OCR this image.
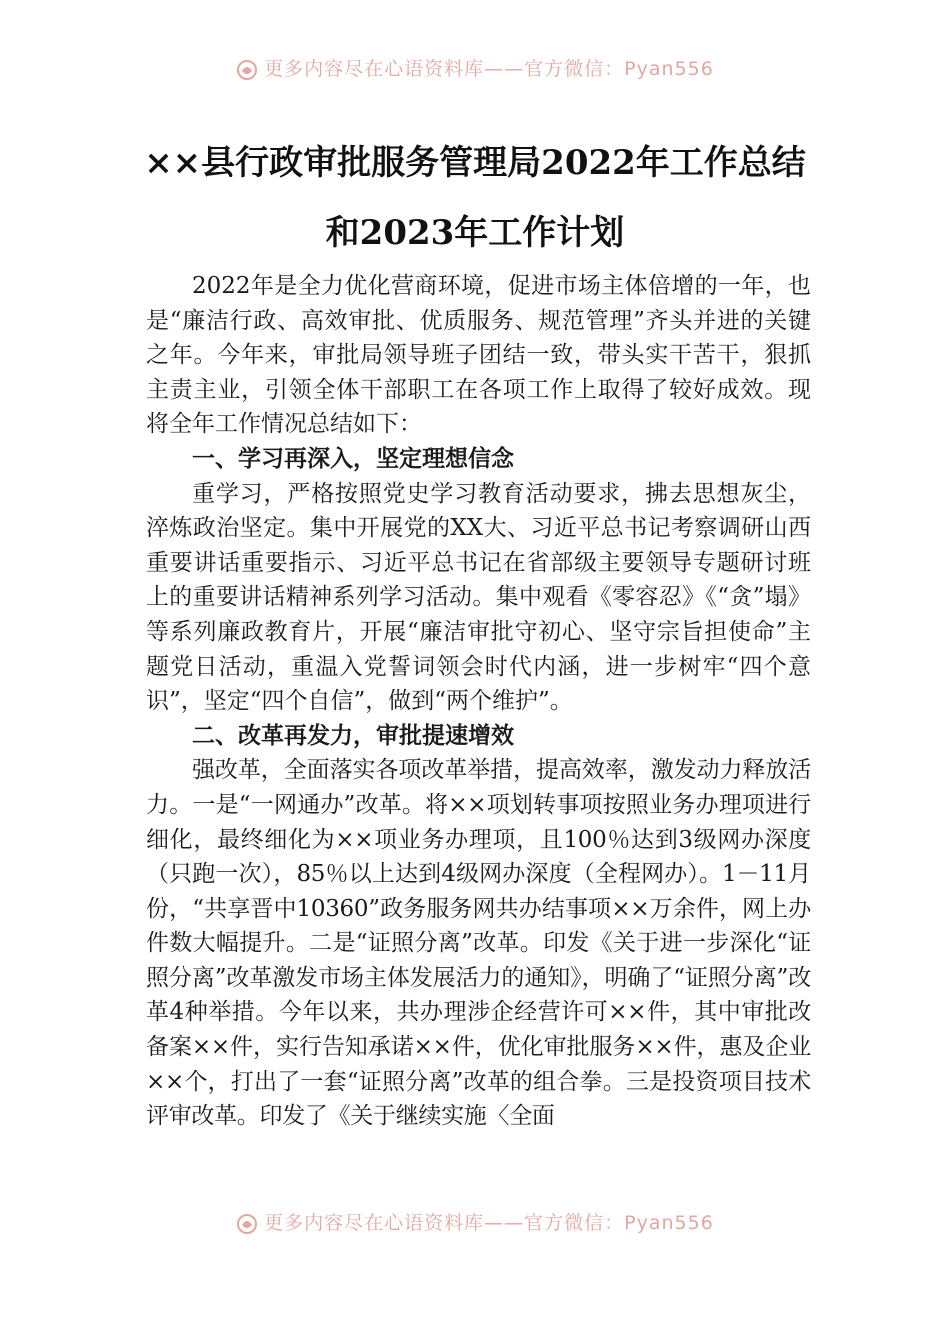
更多内容尽在心语资料库——官方微信：Pyan556
××县行政审批服务管理局2022年工作总结
和2023年工作计划

2022年是全力优化营商环境，促进市场主体倍增的一年，也是“廉洁行政、高效审批、优质服务、规范管理”齐头并进的关键之年。今年来，审批局领导班子团结一致，带头实干苦干，狠抓主责主业，引领全体干部职工在各项工作上取得了较好成效。现将全年工作情况总结如下：

一、学习再深入，坚定理想信念

重学习，严格按照党史学习教育活动要求，拂去思想灰尘，淬炼政治坚定。集中开展党的XX大、习近平总书记考察调研山西重要讲话重要指示、习近平总书记在省部级主要领导专题研讨班上的重要讲话精神系列学习活动。集中观看《零容忍》《“贪”塌》等系列廉政教育片，开展“廉洁审批守初心、坚守宗旨担使命”主题党日活动，重温入党誓词领会时代内涵，进一步树牢“四个意识”，坚定“四个自信”，做到“两个维护”。

二、改革再发力，审批提速增效

强改革，全面落实各项改革举措，提高效率，激发动力释放活力。一是“一网通办”改革。将××项划转事项按照业务办理项进行细化，最终细化为××项业务办理项，且100％达到3级网办深度（只跑一次），85％以上达到4级网办深度（全程网办）。1－11月份，“共享晋中10360”政务服务网共办结事项××万余件，网上办件数大幅提升。二是“证照分离”改革。印发《关于进一步深化“证照分离”改革激发市场主体发展活力的通知》，明确了“证照分离”改革4种举措。今年以来，共办理涉企经营许可××件，其中审批改备案××件，实行告知承诺××件，优化审批服务××件，惠及企业××个，打出了一套“证照分离”改革的组合拳。三是投资项目技术评审改革。印发了《关于继续实施〈全面

更多内容尽在心语资料库——官方微信：Pyan556
